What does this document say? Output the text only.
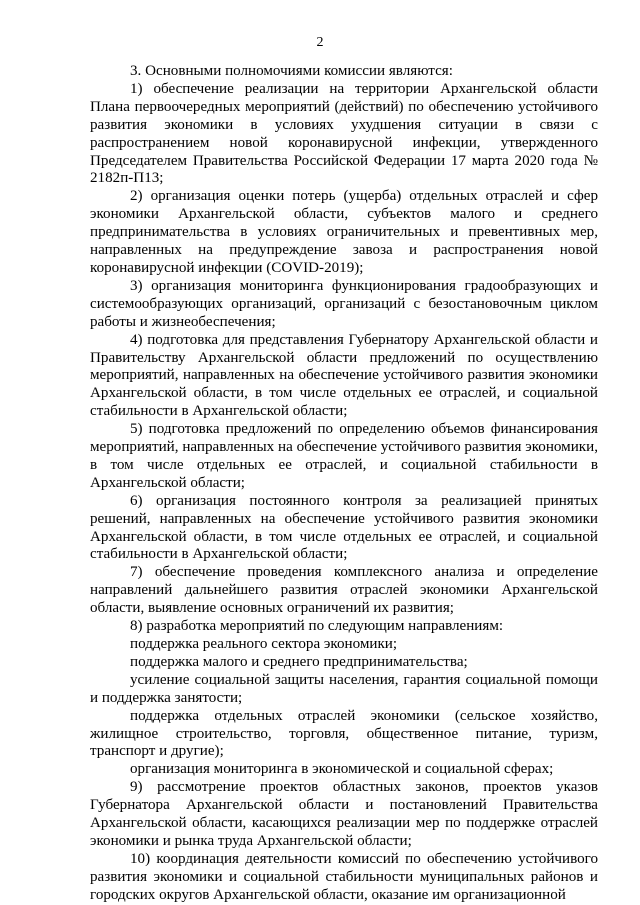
2

3. Основными полномочиями комиссии являются:

1) обеспечение реализации на территории Архангельской области Плана первоочередных мероприятий (действий) по обеспечению устойчивого развития экономики в условиях ухудшения ситуации в связи с распространением новой коронавирусной инфекции, утвержденного Председателем Правительства Российской Федерации 17 марта 2020 года № 2182п-П13;

2) организация оценки потерь (ущерба) отдельных отраслей и сфер экономики Архангельской области, субъектов малого и среднего предпринимательства в условиях ограничительных и превентивных мер, направленных на предупреждение завоза и распространения новой коронавирусной инфекции (COVID-2019);

3) организация мониторинга функционирования градообразующих и системообразующих организаций, организаций с безостановочным циклом работы и жизнеобеспечения;

4) подготовка для представления Губернатору Архангельской области и Правительству Архангельской области предложений по осуществлению мероприятий, направленных на обеспечение устойчивого развития экономики Архангельской области, в том числе отдельных ее отраслей, и социальной стабильности в Архангельской области;

5) подготовка предложений по определению объемов финансирования мероприятий, направленных на обеспечение устойчивого развития экономики, в том числе отдельных ее отраслей, и социальной стабильности в Архангельской области;

6) организация постоянного контроля за реализацией принятых решений, направленных на обеспечение устойчивого развития экономики Архангельской области, в том числе отдельных ее отраслей, и социальной стабильности в Архангельской области;

7) обеспечение проведения комплексного анализа и определение направлений дальнейшего развития отраслей экономики Архангельской области, выявление основных ограничений их развития;

8) разработка мероприятий по следующим направлениям:

поддержка реального сектора экономики;

поддержка малого и среднего предпринимательства;

усиление социальной защиты населения, гарантия социальной помощи и поддержка занятости;

поддержка отдельных отраслей экономики (сельское хозяйство, жилищное строительство, торговля, общественное питание, туризм, транспорт и другие);

организация мониторинга в экономической и социальной сферах;

9) рассмотрение проектов областных законов, проектов указов Губернатора Архангельской области и постановлений Правительства Архангельской области, касающихся реализации мер по поддержке отраслей экономики и рынка труда Архангельской области;

10) координация деятельности комиссий по обеспечению устойчивого развития экономики и социальной стабильности муниципальных районов и городских округов Архангельской области, оказание им организационной
